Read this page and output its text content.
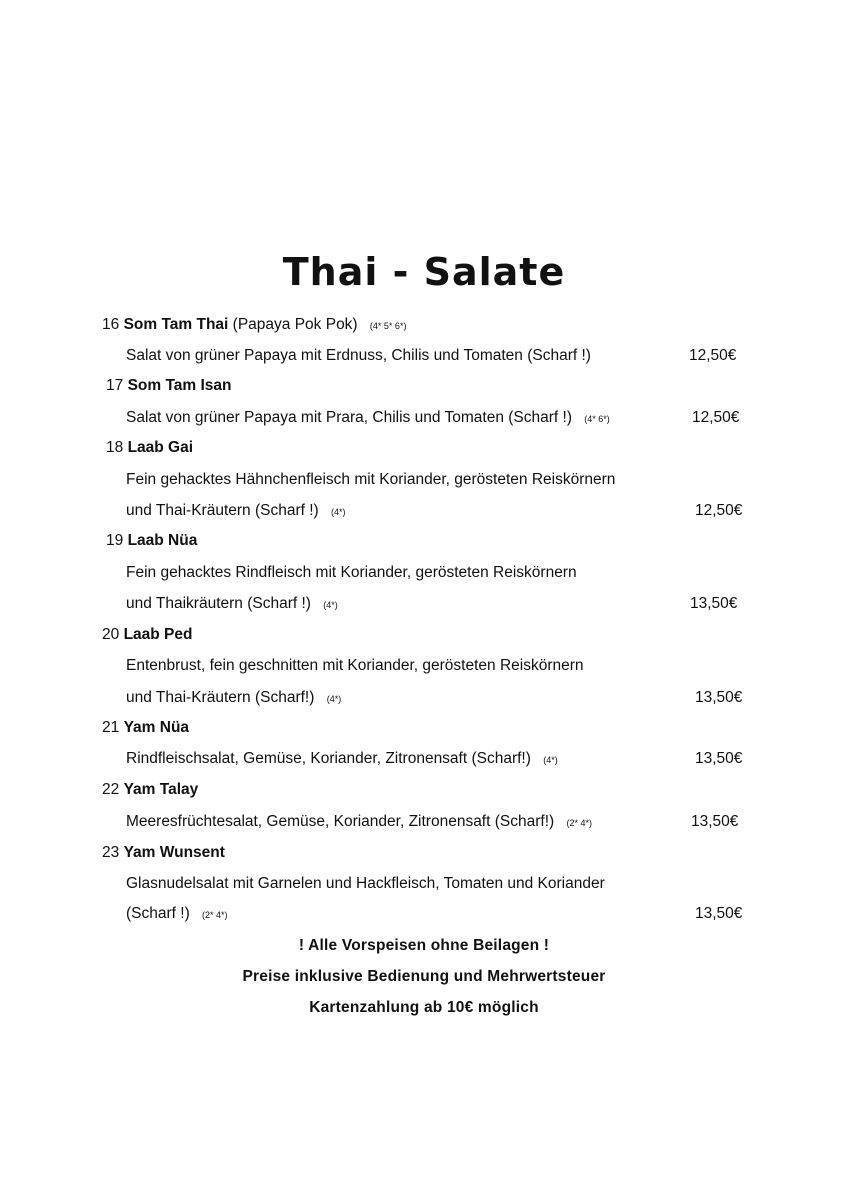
Thai - Salate
16 Som Tam Thai (Papaya Pok Pok) (4* 5* 6*)
Salat von grüner Papaya mit Erdnuss, Chilis und Tomaten (Scharf !)	12,50€
17 Som Tam Isan
Salat von grüner Papaya mit Prara, Chilis und Tomaten (Scharf !) (4* 6*)	12,50€
18 Laab Gai
Fein gehacktes Hähnchenfleisch mit Koriander, gerösteten Reiskörnern
und Thai-Kräutern (Scharf !) (4*)	12,50€
19 Laab Nüa
Fein gehacktes Rindfleisch mit Koriander, gerösteten Reiskörnern
und Thaikräutern (Scharf !) (4*)	13,50€
20 Laab Ped
Entenbrust, fein geschnitten mit Koriander, gerösteten Reiskörnern
und Thai-Kräutern (Scharf!) (4*)	13,50€
21 Yam Nüa
Rindfleischsalat, Gemüse, Koriander, Zitronensaft (Scharf!) (4*)	13,50€
22 Yam Talay
Meeresfrüchtesalat, Gemüse, Koriander, Zitronensaft (Scharf!) (2* 4*)	13,50€
23 Yam Wunsent
Glasnudelsalat mit Garnelen und Hackfleisch, Tomaten und Koriander
(Scharf !) (2* 4*)	13,50€
! Alle Vorspeisen ohne Beilagen !
Preise inklusive Bedienung und Mehrwertsteuer
Kartenzahlung ab 10€ möglich
